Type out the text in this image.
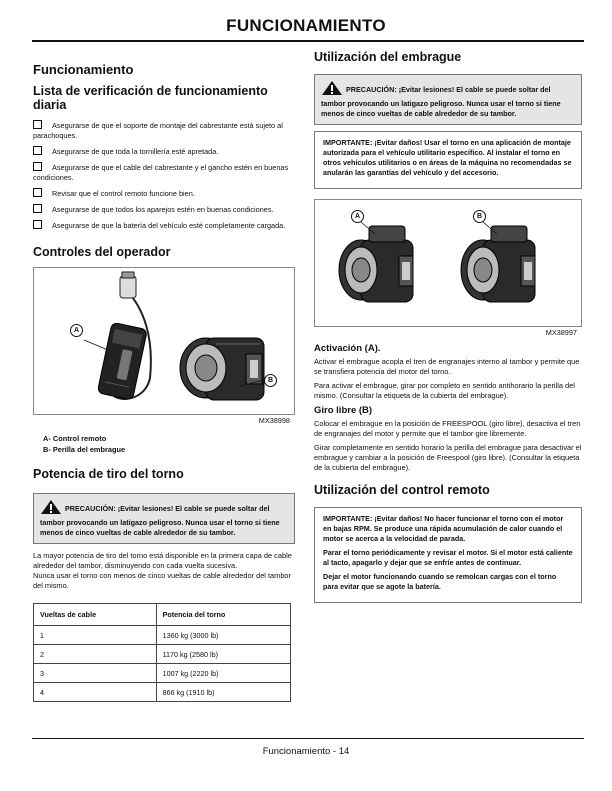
FUNCIONAMIENTO
Funcionamiento
Lista de verificación de funcionamiento diaria
Asegurarse de que el soporte de montaje del cabrestante está sujeto al parachoques.
Asegurarse de que toda la tornillería esté apretada.
Asegurarse de que el cable del cabrestante y el gancho estén en buenas condiciones.
Revisar que el control remoto funcione bien.
Asegurarse de que todos los aparejos estén en buenas condiciones.
Asegurarse de que la batería del vehículo esté completamente cargada.
Controles del operador
A
B
MX38998
A- Control remoto
B- Perilla del embrague
Potencia de tiro del torno
PRECAUCIÓN: ¡Evitar lesiones! El cable se puede soltar del tambor provocando un latigazo peligroso. Nunca usar el torno si tiene menos de cinco vueltas de cable alrededor de su tambor.
La mayor potencia de tiro del torno está disponible en la primera capa de cable alrededor del tambor, disminuyendo con cada vuelta sucesiva.
Nunca usar el torno con menos de cinco vueltas de cable alrededor del tambor del mismo.
Vueltas de cable	Potencia del torno
1	1360 kg (3000 lb)
2	1170 kg (2580 lb)
3	1007 kg (2220 lb)
4	866 kg (1910 lb)
Utilización del embrague
PRECAUCIÓN: ¡Evitar lesiones! El cable se puede soltar del tambor provocando un latigazo peligroso. Nunca usar el torno si tiene menos de cinco vueltas de cable alrededor de su tambor.

IMPORTANTE: ¡Evitar daños! Usar el torno en una aplicación de montaje autorizada para el vehículo utilitario específico. Al instalar el torno en otros vehículos utilitarios o en áreas de la máquina no recomendadas se anularán las garantías del vehículo y del accesorio.

A	B
MX38997
Activación (A).

Activar el embrague acopla el tren de engranajes interno al tambor y permite que se transfiera potencia del motor del torno.

Para activar el embrague, girar por completo en sentido antihorario la perilla del mismo. (Consultar la etiqueta de la cubierta del embrague).

Giro libre (B)

Colocar el embrague en la posición de FREESPOOL (giro libre), desactiva el tren de engranajes del motor y permite que el tambor gire libremente.

Girar completamente en sentido horario la perilla del embrague para desactivar el embrague y cambiar a la posición de Freespool (giro libre). (Consultar la etiqueta de la cubierta del embrague).

Utilización del control remoto

IMPORTANTE: ¡Evitar daños! No hacer funcionar el torno con el motor en bajas RPM. Se produce una rápida acumulación de calor cuando el motor se acerca a la velocidad de parada.

Parar el torno periódicamente y revisar el motor. Si el motor está caliente al tacto, apagarlo y dejar que se enfríe antes de continuar.

Dejar el motor funcionando cuando se remolcan cargas con el torno para evitar que se agote la batería.

Funcionamiento - 14
